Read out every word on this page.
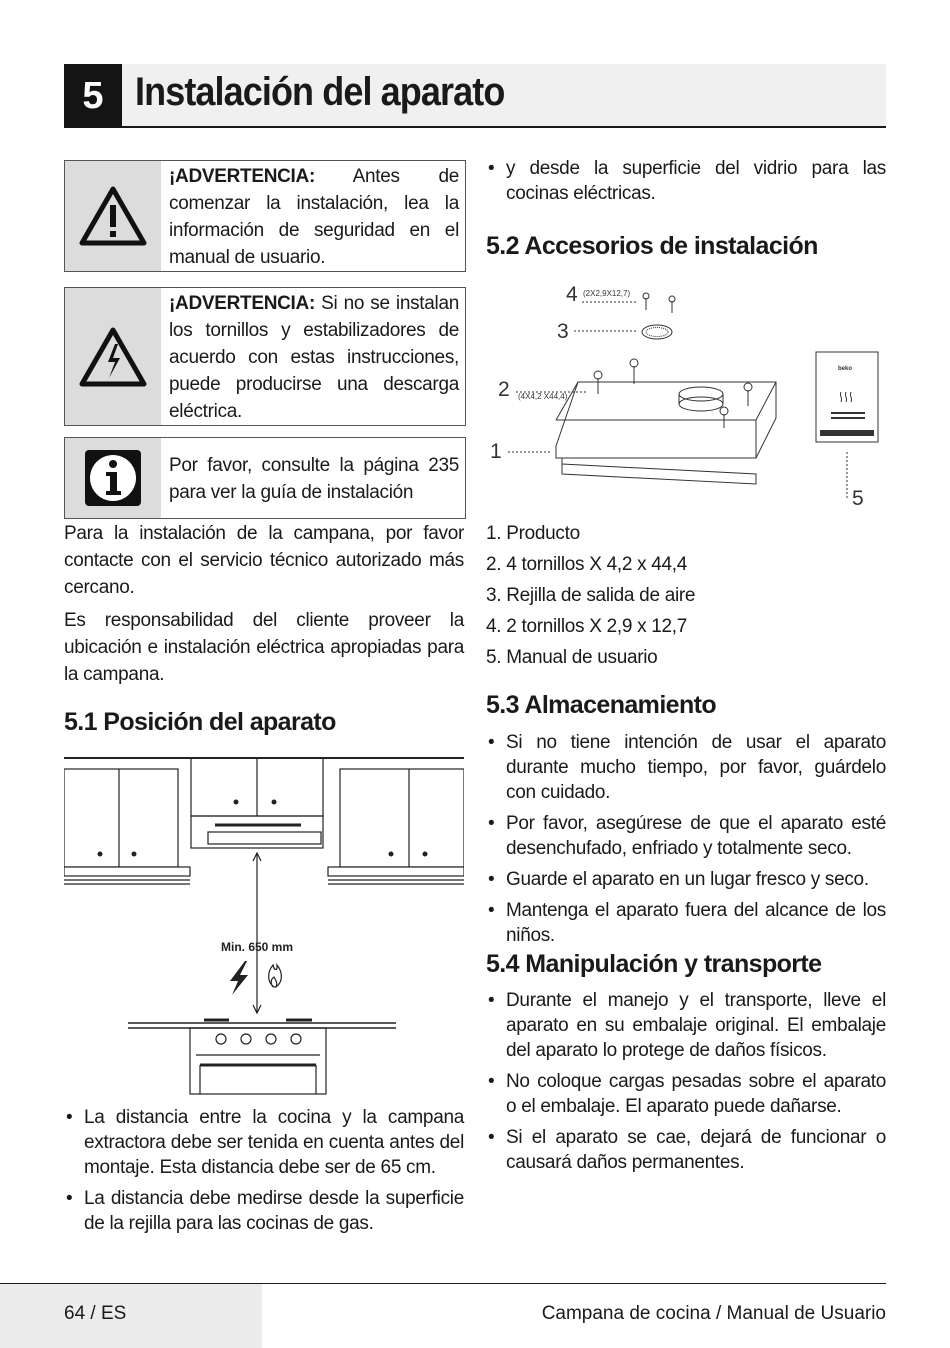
5 Instalación del aparato
¡ADVERTENCIA: Antes de comenzar la instalación, lea la información de seguridad en el manual de usuario.
¡ADVERTENCIA: Si no se instalan los tornillos y estabilizadores de acuerdo con estas instrucciones, puede producirse una descarga eléctrica.
Por favor, consulte la página 235 para ver la guía de instalación
Para la instalación de la campana, por favor contacte con el servicio técnico autorizado más cercano.
Es responsabilidad del cliente proveer la ubicación e instalación eléctrica apropiadas para la campana.
5.1 Posición del aparato
Min. 650 mm
• La distancia entre la cocina y la campana extractora debe ser tenida en cuenta antes del montaje. Esta distancia debe ser de 65 cm.
• La distancia debe medirse desde la superficie de la rejilla para las cocinas de gas.
• y desde la superficie del vidrio para las cocinas eléctricas.
5.2 Accesorios de instalación
4 (2X2,9X12,7)
3
2 (4X4,2 X44,4)
1
5
beko
1. Producto
2. 4 tornillos X 4,2 x 44,4
3. Rejilla de salida de aire
4. 2 tornillos X 2,9 x 12,7
5. Manual de usuario
5.3 Almacenamiento
• Si no tiene intención de usar el aparato durante mucho tiempo, por favor, guárdelo con cuidado.
• Por favor, asegúrese de que el aparato esté desenchufado, enfriado y totalmente seco.
• Guarde el aparato en un lugar fresco y seco.
• Mantenga el aparato fuera del alcance de los niños.
5.4 Manipulación y transporte
• Durante el manejo y el transporte, lleve el aparato en su embalaje original. El embalaje del aparato lo protege de daños físicos.
• No coloque cargas pesadas sobre el aparato o el embalaje. El aparato puede dañarse.
• Si el aparato se cae, dejará de funcionar o causará daños permanentes.
64 / ES	Campana de cocina / Manual de Usuario
